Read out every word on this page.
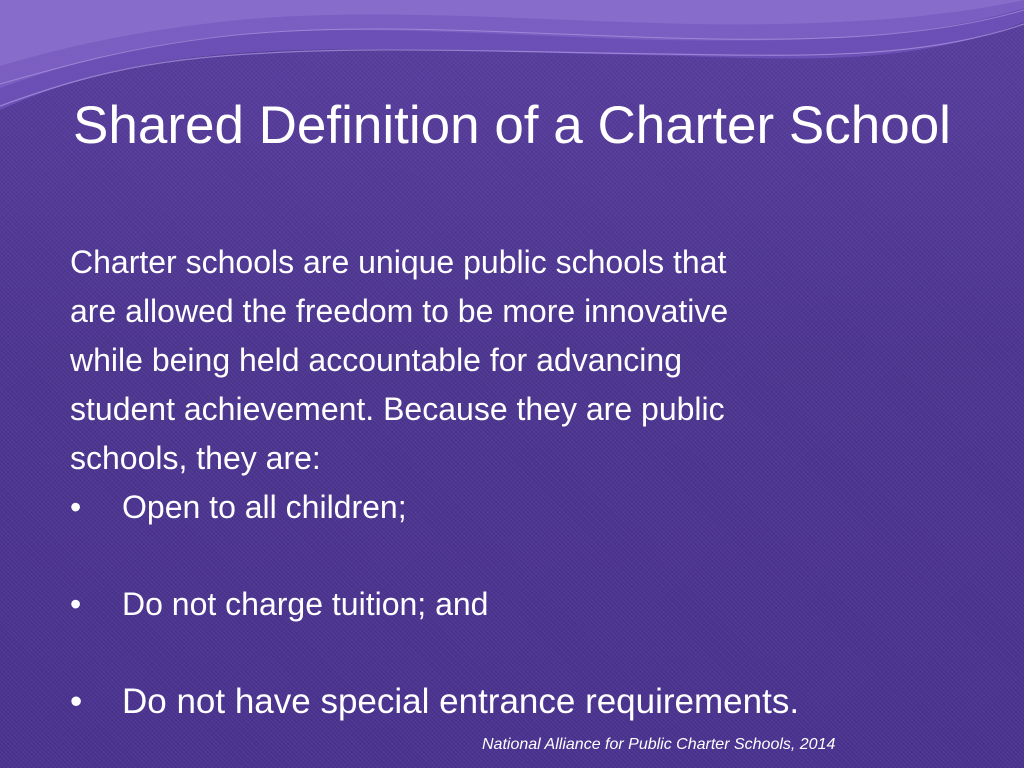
Shared Definition of a Charter School

Charter schools are unique public schools that
are allowed the freedom to be more innovative
while being held accountable for advancing
student achievement. Because they are public
schools, they are:

• Open to all children;
• Do not charge tuition; and
• Do not have special entrance requirements.
National Alliance for Public Charter Schools, 2014
